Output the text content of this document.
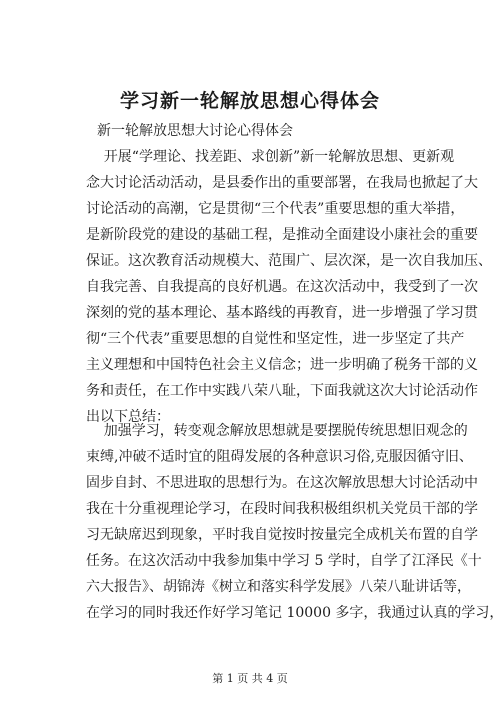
学习新一轮解放思想心得体会
新一轮解放思想大讨论心得体会
开展“学理论、找差距、求创新”新一轮解放思想、更新观
念大讨论活动活动，是县委作出的重要部署，在我局也掀起了大
讨论活动的高潮，它是贯彻“三个代表”重要思想的重大举措，
是新阶段党的建设的基础工程，是推动全面建设小康社会的重要
保证。这次教育活动规模大、范围广、层次深，是一次自我加压、
自我完善、自我提高的良好机遇。在这次活动中，我受到了一次
深刻的党的基本理论、基本路线的再教育，进一步增强了学习贯
彻“三个代表”重要思想的自觉性和坚定性，进一步坚定了共产
主义理想和中国特色社会主义信念；进一步明确了税务干部的义
务和责任，在工作中实践八荣八耻，下面我就这次大讨论活动作
出以下总结：
加强学习，转变观念解放思想就是要摆脱传统思想旧观念的
束缚,冲破不适时宜的阻碍发展的各种意识习俗,克服因循守旧、
固步自封、不思进取的思想行为。在这次解放思想大讨论活动中
我在十分重视理论学习，在段时间我积极组织机关党员干部的学
习无缺席迟到现象，平时我自觉按时按量完全成机关布置的自学
任务。在这次活动中我参加集中学习 5 学时，自学了江泽民《十
六大报告》、胡锦涛《树立和落实科学发展》八荣八耻讲话等，
在学习的同时我还作好学习笔记 10000 多字，我通过认真的学习，
第 1 页 共 4 页
